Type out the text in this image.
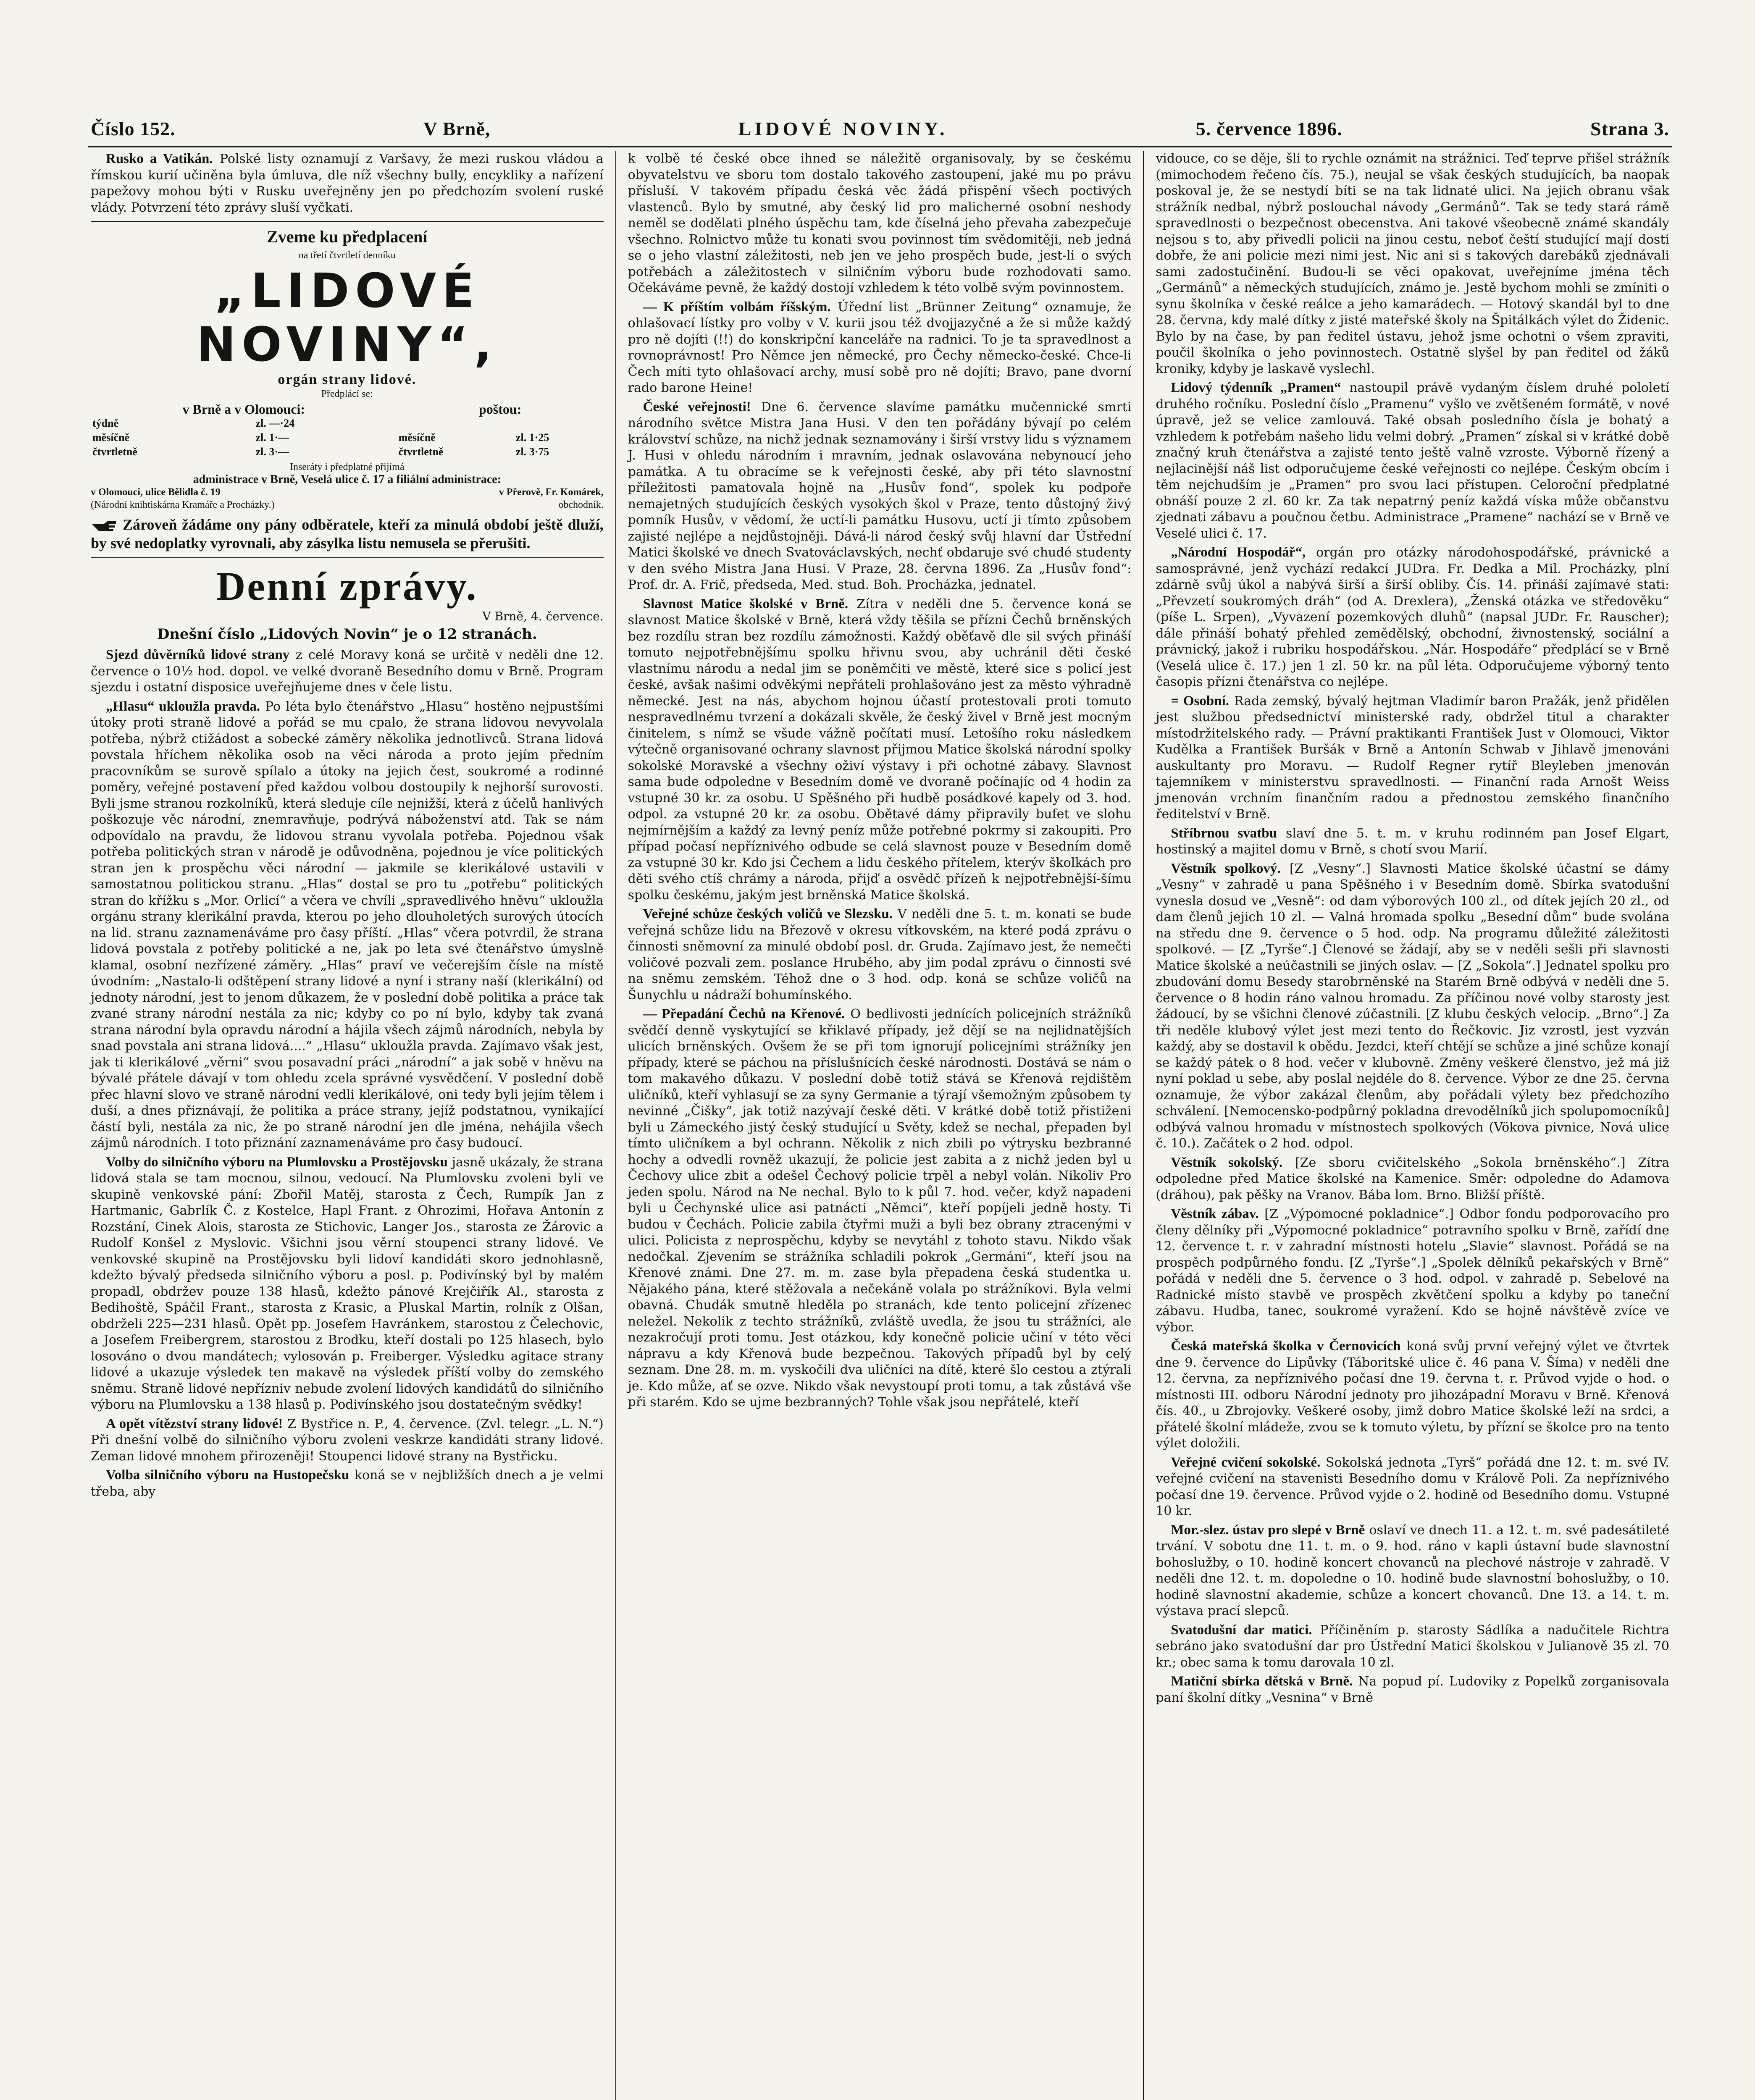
Číslo 152.	V Brně,	LIDOVÉ NOVINY.	5. července 1896.	Strana 3.

Rusko a Vatikán. Polské listy oznamují z Varšavy, že mezi ruskou vládou a římskou kurií učiněna byla úmluva, dle níž všechny bully, encykliky a nařízení papežovy mohou býti v Rusku uveřejněny jen po předchozím svolení ruské vlády. Potvrzení této zprávy sluší vyčkati.

Zveme ku předplacení
na třetí čtvrtletí denníku
„LIDOVÉ NOVINY“,
orgán strany lidové.
Předplácí se:
v Brně a v Olomouci:		poštou:	
týdně	zl. —·24		
měsíčně	zl. 1·—	měsíčně	zl. 1·25
čtvrtletně	zl. 3·—	čtvrtletně	zl. 3·75
Inseráty i předplatné přijímá
administrace v Brně, Veselá ulice č. 17 a filiální administrace:
v Olomouci, ulice Bělidla č. 19
(Národní knihtiskárna Kramáře a Procházky.)
v Přerově, Fr. Komárek,
obchodník.
Zároveň žádáme ony pány odběratele, kteří za minulá období ještě dluží, by své nedoplatky vyrovnali, aby zásylka listu nemusela se přerušiti.
Denní zprávy.
V Brně, 4. července.
Dnešní číslo „Lidových Novin“ je o 12 stranách.

Sjezd důvěrníků lidové strany z celé Moravy koná se určitě v neděli dne 12. července o 10½ hod. dopol. ve velké dvoraně Besedního domu v Brně. Program sjezdu i ostatní disposice uveřejňujeme dnes v čele listu.

„Hlasu“ ukloužla pravda. Po léta bylo čtenářstvo „Hlasu“ hostěno nejpustšími útoky proti straně lidové a pořád se mu cpalo, že strana lidovou nevyvolala potřeba, nýbrž ctižádost a sobecké záměry několika jednotlivců. Strana lidová povstala hříchem několika osob na věci národa a proto jejím předním pracovníkům se surově spílalo a útoky na jejich čest, soukromé a rodinné poměry, veřejné postavení před každou volbou dostoupily k nejhorší surovosti. Byli jsme stranou rozkolníků, která sleduje cíle nejnižší, která z účelů hanlivých poškozuje věc národní, znemravňuje, podrývá náboženství atd. Tak se nám odpovídalo na pravdu, že lidovou stranu vyvolala potřeba. Pojednou však potřeba politických stran v národě je odůvodněna, pojednou je více politických stran jen k prospěchu věci národní — jakmile se klerikálové ustavili v samostatnou politickou stranu. „Hlas“ dostal se pro tu „potřebu“ politických stran do křížku s „Mor. Orlicí“ a včera ve chvíli „spravedlivého hněvu“ ukloužla orgánu strany klerikální pravda, kterou po jeho dlouholetých surových útocích na lid. stranu zaznamenáváme pro časy příští. „Hlas“ včera potvrdil, že strana lidová povstala z potřeby politické a ne, jak po leta své čtenářstvo úmyslně klamal, osobní nezřízené záměry. „Hlas“ praví ve večerejším čísle na místě úvodním: „Nastalo-li odštěpení strany lidové a nyní i strany naší (klerikální) od jednoty národní, jest to jenom důkazem, že v poslední době politika a práce tak zvané strany národní nestála za nic; kdyby co po ní bylo, kdyby tak zvaná strana národní byla opravdu národní a hájila všech zájmů národních, nebyla by snad povstala ani strana lidová....“ „Hlasu“ ukloužla pravda. Zajímavo však jest, jak ti klerikálové „věrni“ svou posavadní práci „národní“ a jak sobě v hněvu na bývalé přátele dávají v tom ohledu zcela správné vysvědčení. V poslední době přec hlavní slovo ve straně národní vedli klerikálové, oni tedy byli jejím tělem i duší, a dnes přiznávají, že politika a práce strany, jejíž podstatnou, vynikající částí byli, nestála za nic, že po straně národní jen dle jména, nehájila všech zájmů národních. I toto přiznání zaznamenáváme pro časy budoucí.

Volby do silničního výboru na Plumlovsku a Prostějovsku jasně ukázaly, že strana lidová stala se tam mocnou, silnou, vedoucí. Na Plumlovsku zvoleni byli ve skupině venkovské pání: Zbořil Matěj, starosta z Čech, Rumpík Jan z Hartmanic, Gabrlík Č. z Kostelce, Hapl Frant. z Ohrozimi, Hořava Antonín z Rozstání, Cinek Alois, starosta ze Stichovic, Langer Jos., starosta ze Žárovic a Rudolf Konšel z Myslovic. Všichni jsou věrní stoupenci strany lidové. Ve venkovské skupině na Prostějovsku byli lidoví kandidáti skoro jednohlasně, kdežto bývalý předseda silničního výboru a posl. p. Podivínský byl by malém propadl, obdržev pouze 138 hlasů, kdežto pánové Krejčiřík Al., starosta z Bedihoště, Spáčil Frant., starosta z Krasic, a Pluskal Martin, rolník z Olšan, obdrželi 225—231 hlasů. Opět pp. Josefem Havránkem, starostou z Čelechovic, a Josefem Freibergrem, starostou z Brodku, kteří dostali po 125 hlasech, bylo losováno o dvou mandátech; vylosován p. Freiberger. Výsledku agitace strany lidové a ukazuje výsledek ten makavě na výsledek příští volby do zemského sněmu. Straně lidové nepřízniv nebude zvolení lidových kandidátů do silničního výboru na Plumlovsku a 138 hlasů p. Podivínského jsou dostatečným svědky!

A opět vítězství strany lidové! Z Bystřice n. P., 4. července. (Zvl. telegr. „L. N.“) Při dnešní volbě do silničního výboru zvoleni veskrze kandidáti strany lidové. Zeman lidové mnohem přirozeněji! Stoupenci lidové strany na Bystřicku.

Volba silničního výboru na Hustopečsku koná se v nejbližších dnech a je velmi třeba, aby

k volbě té české obce ihned se náležitě organisovaly, by se českému obyvatelstvu ve sboru tom dostalo takového zastoupení, jaké mu po právu přísluší. V takovém případu česká věc žádá přispění všech poctivých vlastenců. Bylo by smutné, aby český lid pro malicherné osobní neshody neměl se dodělati plného úspěchu tam, kde číselná jeho převaha zabezpečuje všechno. Rolnictvo může tu konati svou povinnost tím svědomitěji, neb jedná se o jeho vlastní záležitosti, neb jen ve jeho prospěch bude, jest-li o svých potřebách a záležitostech v silničním výboru bude rozhodovati samo. Očekáváme pevně, že každý dostojí vzhledem k této volbě svým povinnostem.

— K příštím volbám říšským. Úřední list „Brünner Zeitung“ oznamuje, že ohlašovací lístky pro volby v V. kurii jsou též dvojjazyčné a že si může každý pro ně dojíti (!!) do konskripční kanceláře na radnici. To je ta spravedlnost a rovnoprávnost! Pro Němce jen německé, pro Čechy německo-české. Chce-li Čech míti tyto ohlašovací archy, musí sobě pro ně dojíti; Bravo, pane dvorní rado barone Heine!

České veřejnosti! Dne 6. července slavíme památku mučennické smrti národního světce Mistra Jana Husi. V den ten pořádány bývají po celém království schůze, na nichž jednak seznamovány i širší vrstvy lidu s významem J. Husi v ohledu národním i mravním, jednak oslavována nebynoucí jeho památka. A tu obracíme se k veřejnosti české, aby při této slavnostní příležitosti pamatovala hojně na „Husův fond“, spolek ku podpoře nemajetných studujících českých vysokých škol v Praze, tento důstojný živý pomník Husův, v vědomí, že uctí-li památku Husovu, uctí ji tímto způsobem zajisté nejlépe a nejdůstojněji. Dává-li národ český svůj hlavní dar Ústřední Matici školské ve dnech Svatováclavských, nechť obdaruje své chudé studenty v den svého Mistra Jana Husi. V Praze, 28. června 1896. Za „Husův fond“: Prof. dr. A. Frič, předseda, Med. stud. Boh. Procházka, jednatel.

Slavnost Matice školské v Brně. Zítra v neděli dne 5. července koná se slavnost Matice školské v Brně, která vždy těšila se přízni Čechů brněnských bez rozdílu stran bez rozdílu zámožnosti. Každý oběťavě dle sil svých přináší tomuto nejpotřebnějšímu spolku hřivnu svou, aby uchránil děti české vlastnímu národu a nedal jim se poněmčiti ve městě, které sice s policí jest české, avšak našimi odvěkými nepřáteli prohlašováno jest za město výhradně německé. Jest na nás, abychom hojnou účastí protestovali proti tomuto nespravedlnému tvrzení a dokázali skvěle, že český živel v Brně jest mocným činitelem, s nímž se všude vážně počítati musí. Letošího roku následkem výtečně organisované ochrany slavnost přijmou Matice školská národní spolky sokolské Moravské a všechny oživí výstavy i při ochotné zábavy. Slavnost sama bude odpoledne v Besedním domě ve dvoraně počínajíc od 4 hodin za vstupné 30 kr. za osobu. U Spěšného při hudbě posádkové kapely od 3. hod. odpol. za vstupné 20 kr. za osobu. Obětavé dámy připravily bufet ve slohu nejmírnějším a každý za levný peníz může potřebné pokrmy si zakoupiti. Pro případ počasí nepříznivého odbude se celá slavnost pouze v Besedním domě za vstupné 30 kr. Kdo jsi Čechem a lidu českého přítelem, kterýv školkách pro děti svého ctíš chrámy a národa, přijď a osvědč přízeň k nejpotřebnější-šímu spolku českému, jakým jest brněnská Matice školská.

Veřejné schůze českých voličů ve Slezsku. V neděli dne 5. t. m. konati se bude veřejná schůze lidu na Březově v okresu vítkovském, na které podá zprávu o činnosti sněmovní za minulé období posl. dr. Gruda. Zajímavo jest, že nemečti voličové pozvali zem. poslance Hrubého, aby jim podal zprávu o činnosti své na sněmu zemském. Téhož dne o 3 hod. odp. koná se schůze voličů na Šunychlu u nádraží bohumínského.

— Přepadání Čechů na Křenové. O bedlivosti jednících policejních strážníků svědčí denně vyskytující se křiklavé případy, jež dějí se na nejlidnatějších ulicích brněnských. Ovšem že se při tom ignorují policejními strážníky jen případy, které se páchou na příslušnících české národnosti. Dostává se nám o tom makavého důkazu. V poslední době totiž stává se Křenová rejdištěm uličníků, kteří vyhlasují se za syny Germanie a týrají všemožným způsobem ty nevinné „Čišky“, jak totiž nazývají české děti. V krátké době totiž přistiženi byli u Zámeckého jistý český studující u Světy, kdež se nechal, přepaden byl tímto uličníkem a byl ochrann. Několik z nich zbili po výtrysku bezbranné hochy a odvedli rovněž ukazují, že policie jest zabita a z nichž jeden byl u Čechovy ulice zbit a odešel Čechový policie trpěl a nebyl volán. Nikoliv Pro jeden spolu. Národ na Ne nechal. Bylo to k půl 7. hod. večer, když napadeni byli u Čechynské ulice asi patnácti „Němci“, kteří popíjeli jedně hosty. Ti budou v Čechách. Policie zabila čtyřmi muži a byli bez obrany ztracenými v ulici. Policista z neprospěchu, kdyby se nevytáhl z tohoto stavu. Nikdo však nedočkal. Zjevením se strážníka schladili pokrok „Germáni“, kteří jsou na Křenové známi. Dne 27. m. m. zase byla přepadena česká studentka u. Nějakého pána, které stěžovala a nečekáně volala po strážníkovi. Byla velmi obavná. Chudák smutně hleděla po stranách, kde tento policejní zřízenec neležel. Nekolik z techto strážníků, zvláště uvedla, že jsou tu strážníci, ale nezakročují proti tomu. Jest otázkou, kdy konečně policie učiní v této věci nápravu a kdy Křenová bude bezpečnou. Takových případů byl by celý seznam. Dne 28. m. m. vyskočili dva uličníci na dítě, které šlo cestou a ztýrali je. Kdo může, ať se ozve. Nikdo však nevystoupí proti tomu, a tak zůstává vše při starém. Kdo se ujme bezbranných? Tohle však jsou nepřátelé, kteří

vidouce, co se děje, šli to rychle oznámit na strážnici. Teď teprve přišel strážník (mimochodem řečeno čís. 75.), neujal se však českých studujících, ba naopak poskoval je, že se nestydí bíti se na tak lidnaté ulici. Na jejich obranu však strážník nedbal, nýbrž poslouchal návody „Germánů“. Tak se tedy stará rámě spravedlnosti o bezpečnost obecenstva. Ani takové všeobecně známé skandály nejsou s to, aby přivedli policii na jinou cestu, neboť čeští studující mají dosti dobře, že ani policie mezi nimi jest. Nic ani si s takových darebáků zjednávali sami zadostučinění. Budou-li se věci opakovat, uveřejníme jména těch „Germánů“ a německých studujících, známo je. Jestě bychom mohli se zmíniti o synu školníka v české reálce a jeho kamarádech. — Hotový skandál byl to dne 28. června, kdy malé dítky z jisté mateřské školy na Špitálkách výlet do Židenic. Bylo by na čase, by pan ředitel ústavu, jehož jsme ochotni o všem zpraviti, poučil školníka o jeho povinnostech. Ostatně slyšel by pan ředitel od žáků kroniky, kdyby je laskavě vyslechl.

Lidový týdenník „Pramen“ nastoupil právě vydaným číslem druhé pololetí druhého ročníku. Poslední číslo „Pramenu“ vyšlo ve zvětšeném formátě, v nové úpravě, jež se velice zamlouvá. Také obsah posledního čísla je bohatý a vzhledem k potřebám našeho lidu velmi dobrý. „Pramen“ získal si v krátké době značný kruh čtenářstva a zajisté tento ještě valně vzroste. Výborně řízený a nejlacinější náš list odporučujeme české veřejnosti co nejlépe. Českým obcím i těm nejchudším je „Pramen“ pro svou laci přístupen. Celoroční předplatné obnáší pouze 2 zl. 60 kr. Za tak nepatrný peníz každá víska může občanstvu zjednati zábavu a poučnou četbu. Administrace „Pramene“ nachází se v Brně ve Veselé ulici č. 17.

„Národní Hospodář“, orgán pro otázky národohospodářské, právnické a samosprávné, jenž vychází redakcí JUDra. Fr. Dedka a Mil. Procházky, plní zdárně svůj úkol a nabývá širší a širší obliby. Čís. 14. přináší zajímavé stati: „Převzetí soukromých dráh“ (od A. Drexlera), „Ženská otázka ve středověku“ (píše L. Srpen), „Vyvazení pozemkových dluhů“ (napsal JUDr. Fr. Rauscher); dále přináší bohatý přehled zemědělský, obchodní, živnostenský, sociální a právnický, jakož i rubriku hospodářskou. „Nár. Hospodáře“ předplácí se v Brně (Veselá ulice č. 17.) jen 1 zl. 50 kr. na půl léta. Odporučujeme výborný tento časopis přízni čtenářstva co nejlépe.

= Osobní. Rada zemský, bývalý hejtman Vladimír baron Pražák, jenž přidělen jest službou předsednictví ministerské rady, obdržel titul a charakter místodržitelského rady. — Právní praktikanti František Just v Olomouci, Viktor Kudělka a František Buršák v Brně a Antonín Schwab v Jihlavě jmenováni auskultanty pro Moravu. — Rudolf Regner rytíř Bleyleben jmenován tajemníkem v ministerstvu spravedlnosti. — Finanční rada Arnošt Weiss jmenován vrchním finančním radou a přednostou zemského finančního ředitelství v Brně.

Stříbrnou svatbu slaví dne 5. t. m. v kruhu rodinném pan Josef Elgart, hostinský a majitel domu v Brně, s chotí svou Marií.

Věstník spolkový. [Z „Vesny“.] Slavnosti Matice školské účastní se dámy „Vesny“ v zahradě u pana Spěšného i v Besedním domě. Sbírka svatodušní vynesla dosud ve „Vesně“: od dam výborových 100 zl., od dítek jejích 20 zl., od dam členů jejich 10 zl. — Valná hromada spolku „Besední dům“ bude svolána na středu dne 9. července o 5 hod. odp. Na programu důležité záležitosti spolkové. — [Z „Tyrše“.] Členové se žádají, aby se v neděli sešli při slavnosti Matice školské a neúčastnili se jiných oslav. — [Z „Sokola“.] Jednatel spolku pro zbudování domu Besedy starobrněnské na Starém Brně odbývá v neděli dne 5. července o 8 hodin ráno valnou hromadu. Za příčinou nové volby starosty jest žádoucí, by se všichni členové zúčastnili. [Z klubu českých velocip. „Brno“.] Za tři neděle klubový výlet jest mezi tento do Řečkovic. Jiz vzrostl, jest vyzván každý, aby se dostavil k obědu. Jezdci, kteří chtějí se schůze a jiné schůze konají se každý pátek o 8 hod. večer v klubovně. Změny veškeré členstvo, jež má již nyní poklad u sebe, aby poslal nejdéle do 8. července. Výbor ze dne 25. června oznamuje, že výbor zakázal členům, aby pořádali výlety bez předchozího schválení. [Nemocensko-podpůrný pokladna drevodělníků jich spolupomocníků] odbývá valnou hromadu v místnostech spolkových (Vökova pivnice, Nová ulice č. 10.). Začátek o 2 hod. odpol.

Věstník sokolský. [Ze sboru cvičitelského „Sokola brněnského“.] Zítra odpoledne před Matice školské na Kamenice. Směr: odpoledne do Adamova (dráhou), pak pěšky na Vranov. Bába lom. Brno. Bližší příště.

Věstník zábav. [Z „Výpomocné pokladnice“.] Odbor fondu podporovacího pro členy dělníky při „Výpomocné pokladnice“ potravního spolku v Brně, zařídí dne 12. července t. r. v zahradní místnosti hotelu „Slavie“ slavnost. Pořádá se na prospěch podpůrného fondu. [Z „Tyrše“.] „Spolek dělníků pekařských v Brně“ pořádá v neděli dne 5. července o 3 hod. odpol. v zahradě p. Sebelové na Radnické místo stavbě ve prospěch zkvětčení spolku a kdyby po taneční zábavu. Hudba, tanec, soukromé vyražení. Kdo se hojně návštěvě zvíce ve výbor.

Česká mateřská školka v Černovicích koná svůj první veřejný výlet ve čtvrtek dne 9. července do Lipůvky (Táboritské ulice č. 46 pana V. Šíma) v neděli dne 12. června, za nepříznivého počasí dne 19. června t. r. Průvod vyjde o hod. o místnosti III. odboru Národní jednoty pro jihozápadní Moravu v Brně. Křenová čís. 40., u Zbrojovky. Veškeré osoby, jimž dobro Matice školské leží na srdci, a přátelé školní mládeže, zvou se k tomuto výletu, by přízní se školce pro na tento výlet doložili.

Veřejné cvičení sokolské. Sokolská jednota „Tyrš“ pořádá dne 12. t. m. své IV. veřejné cvičení na stavenisti Besedního domu v Králově Poli. Za nepříznivého počasí dne 19. července. Průvod vyjde o 2. hodině od Besedního domu. Vstupné 10 kr.

Mor.-slez. ústav pro slepé v Brně oslaví ve dnech 11. a 12. t. m. své padesátileté trvání. V sobotu dne 11. t. m. o 9. hod. ráno v kapli ústavní bude slavnostní bohoslužby, o 10. hodině koncert chovanců na plechové nástroje v zahradě. V neděli dne 12. t. m. dopoledne o 10. hodině bude slavnostní bohoslužby, o 10. hodině slavnostní akademie, schůze a koncert chovanců. Dne 13. a 14. t. m. výstava prací slepců.

Svatodušní dar matici. Příčiněním p. starosty Sádlíka a nadučitele Richtra sebráno jako svatodušní dar pro Ústřední Matici školskou v Julianově 35 zl. 70 kr.; obec sama k tomu darovala 10 zl.

Matiční sbírka dětská v Brně. Na popud pí. Ludoviky z Popelků zorganisovala paní školní dítky „Vesnina“ v Brně
